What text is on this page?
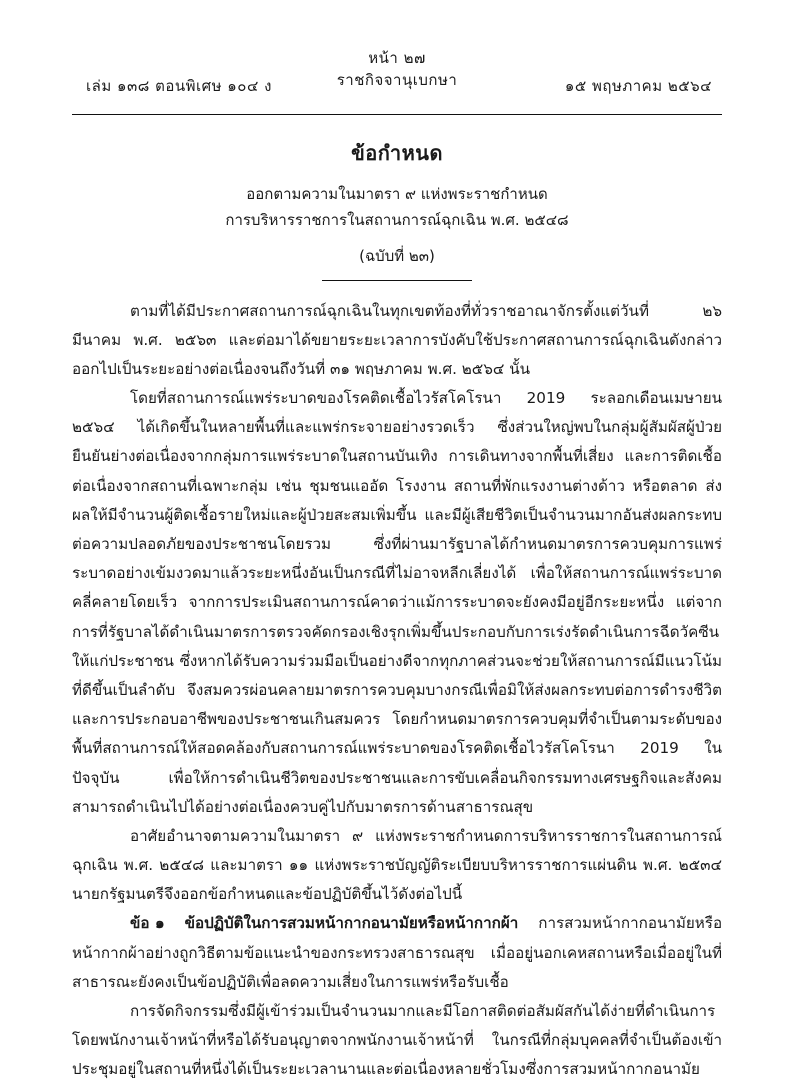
หน้า ๒๗
ราชกิจจานุเบกษา
เล่ม ๑๓๘ ตอนพิเศษ ๑๐๔ ง	๑๕ พฤษภาคม ๒๕๖๔
ข้อกำหนด
ออกตามความในมาตรา ๙ แห่งพระราชกำหนด
การบริหารราชการในสถานการณ์ฉุกเฉิน พ.ศ. ๒๕๔๘
(ฉบับที่ ๒๓)

ตามที่ได้มีประกาศสถานการณ์ฉุกเฉินในทุกเขตท้องที่ทั่วราชอาณาจักรตั้งแต่วันที่ ๒๖ มีนาคม พ.ศ. ๒๕๖๓ และต่อมาได้ขยายระยะเวลาการบังคับใช้ประกาศสถานการณ์ฉุกเฉินดังกล่าวออกไปเป็นระยะอย่างต่อเนื่องจนถึงวันที่ ๓๑ พฤษภาคม พ.ศ. ๒๕๖๔ นั้น

โดยที่สถานการณ์แพร่ระบาดของโรคติดเชื้อไวรัสโคโรนา 2019 ระลอกเดือนเมษายน ๒๕๖๔ ได้เกิดขึ้นในหลายพื้นที่และแพร่กระจายอย่างรวดเร็ว ซึ่งส่วนใหญ่พบในกลุ่มผู้สัมผัสผู้ป่วยยืนยันย่างต่อเนื่องจากกลุ่มการแพร่ระบาดในสถานบันเทิง การเดินทางจากพื้นที่เสี่ยง และการติดเชื้อต่อเนื่องจากสถานที่เฉพาะกลุ่ม เช่น ชุมชนแออัด โรงงาน สถานที่พักแรงงานต่างด้าว หรือตลาด ส่งผลให้มีจำนวนผู้ติดเชื้อรายใหม่และผู้ป่วยสะสมเพิ่มขึ้น และมีผู้เสียชีวิตเป็นจำนวนมากอันส่งผลกระทบต่อความปลอดภัยของประชาชนโดยรวม ซึ่งที่ผ่านมารัฐบาลได้กำหนดมาตรการควบคุมการแพร่ระบาดอย่างเข้มงวดมาแล้วระยะหนึ่งอันเป็นกรณีที่ไม่อาจหลีกเลี่ยงได้ เพื่อให้สถานการณ์แพร่ระบาดคลี่คลายโดยเร็ว จากการประเมินสถานการณ์คาดว่าแม้การระบาดจะยังคงมีอยู่อีกระยะหนึ่ง แต่จากการที่รัฐบาลได้ดำเนินมาตรการตรวจคัดกรองเชิงรุกเพิ่มขึ้นประกอบกับการเร่งรัดดำเนินการฉีดวัคซีนให้แก่ประชาชน ซึ่งหากได้รับความร่วมมือเป็นอย่างดีจากทุกภาคส่วนจะช่วยให้สถานการณ์มีแนวโน้มที่ดีขึ้นเป็นลำดับ จึงสมควรผ่อนคลายมาตรการควบคุมบางกรณีเพื่อมิให้ส่งผลกระทบต่อการดำรงชีวิตและการประกอบอาชีพของประชาชนเกินสมควร โดยกำหนดมาตรการควบคุมที่จำเป็นตามระดับของพื้นที่สถานการณ์ให้สอดคล้องกับสถานการณ์แพร่ระบาดของโรคติดเชื้อไวรัสโคโรนา 2019 ในปัจจุบัน เพื่อให้การดำเนินชีวิตของประชาชนและการขับเคลื่อนกิจกรรมทางเศรษฐกิจและสังคมสามารถดำเนินไปได้อย่างต่อเนื่องควบคู่ไปกับมาตรการด้านสาธารณสุข

อาศัยอำนาจตามความในมาตรา ๙ แห่งพระราชกำหนดการบริหารราชการในสถานการณ์ฉุกเฉิน พ.ศ. ๒๕๔๘ และมาตรา ๑๑ แห่งพระราชบัญญัติระเบียบบริหารราชการแผ่นดิน พ.ศ. ๒๕๓๔ นายกรัฐมนตรีจึงออกข้อกำหนดและข้อปฏิบัติขึ้นไว้ดังต่อไปนี้

ข้อ ๑ ข้อปฏิบัติในการสวมหน้ากากอนามัยหรือหน้ากากผ้า การสวมหน้ากากอนามัยหรือหน้ากากผ้าอย่างถูกวิธีตามข้อแนะนำของกระทรวงสาธารณสุข เมื่ออยู่นอกเคหสถานหรือเมื่ออยู่ในที่สาธารณะยังคงเป็นข้อปฏิบัติเพื่อลดความเสี่ยงในการแพร่หรือรับเชื้อ

การจัดกิจกรรมซึ่งมีผู้เข้าร่วมเป็นจำนวนมากและมีโอกาสติดต่อสัมผัสกันได้ง่ายที่ดำเนินการโดยพนักงานเจ้าหน้าที่หรือได้รับอนุญาตจากพนักงานเจ้าหน้าที่ ในกรณีที่กลุ่มบุคคลที่จำเป็นต้องเข้าประชุมอยู่ในสถานที่หนึ่งได้เป็นระยะเวลานานและต่อเนื่องหลายชั่วโมงซึ่งการสวมหน้ากากอนามัย
